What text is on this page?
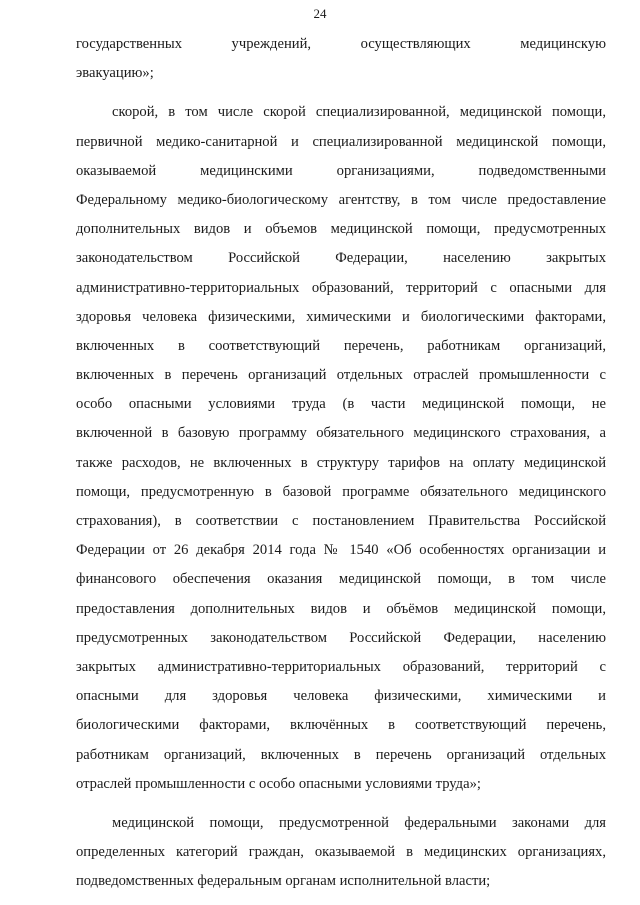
24
государственных учреждений, осуществляющих медицинскую
эвакуацию»;
скорой, в том числе скорой специализированной, медицинской помощи,
первичной медико-санитарной и специализированной медицинской помощи,
оказываемой медицинскими организациями, подведомственными
Федеральному медико-биологическому агентству, в том числе предоставление
дополнительных видов и объемов медицинской помощи, предусмотренных
законодательством Российской Федерации, населению закрытых
административно-территориальных образований, территорий с опасными для
здоровья человека физическими, химическими и биологическими факторами,
включенных в соответствующий перечень, работникам организаций,
включенных в перечень организаций отдельных отраслей промышленности с
особо опасными условиями труда (в части медицинской помощи, не
включенной в базовую программу обязательного медицинского страхования, а
также расходов, не включенных в структуру тарифов на оплату медицинской
помощи, предусмотренную в базовой программе обязательного медицинского
страхования), в соответствии с постановлением Правительства Российской
Федерации от 26 декабря 2014 года № 1540 «Об особенностях организации и
финансового обеспечения оказания медицинской помощи, в том числе
предоставления дополнительных видов и объёмов медицинской помощи,
предусмотренных законодательством Российской Федерации, населению
закрытых административно-территориальных образований, территорий с
опасными для здоровья человека физическими, химическими и
биологическими факторами, включённых в соответствующий перечень,
работникам организаций, включенных в перечень организаций отдельных
отраслей промышленности с особо опасными условиями труда»;
медицинской помощи, предусмотренной федеральными законами для
определенных категорий граждан, оказываемой в медицинских организациях,
подведомственных федеральным органам исполнительной власти;
